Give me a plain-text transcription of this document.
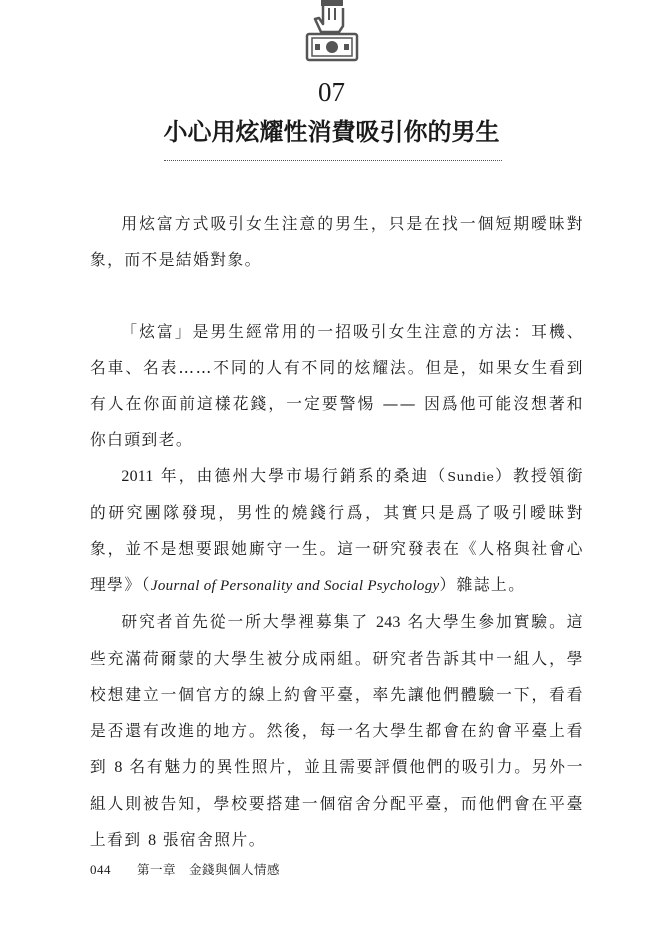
07
小心用炫耀性消費吸引你的男生

用炫富方式吸引女生注意的男生，只是在找一個短期曖昧對象，而不是結婚對象。

「炫富」是男生經常用的一招吸引女生注意的方法：耳機、名車、名表……不同的人有不同的炫耀法。但是，如果女生看到有人在你面前這樣花錢，一定要警惕 —— 因爲他可能沒想著和你白頭到老。

2011 年，由德州大學市場行銷系的桑迪（Sundie）教授領銜的研究團隊發現，男性的燒錢行爲，其實只是爲了吸引曖昧對象，並不是想要跟她廝守一生。這一研究發表在《人格與社會心理學》（Journal of Personality and Social Psychology）雜誌上。

研究者首先從一所大學裡募集了 243 名大學生參加實驗。這些充滿荷爾蒙的大學生被分成兩組。研究者告訴其中一組人，學校想建立一個官方的線上約會平臺，率先讓他們體驗一下，看看是否還有改進的地方。然後，每一名大學生都會在約會平臺上看到 8 名有魅力的異性照片，並且需要評價他們的吸引力。另外一組人則被告知，學校要搭建一個宿舍分配平臺，而他們會在平臺上看到 8 張宿舍照片。

044 第一章　金錢與個人情感
